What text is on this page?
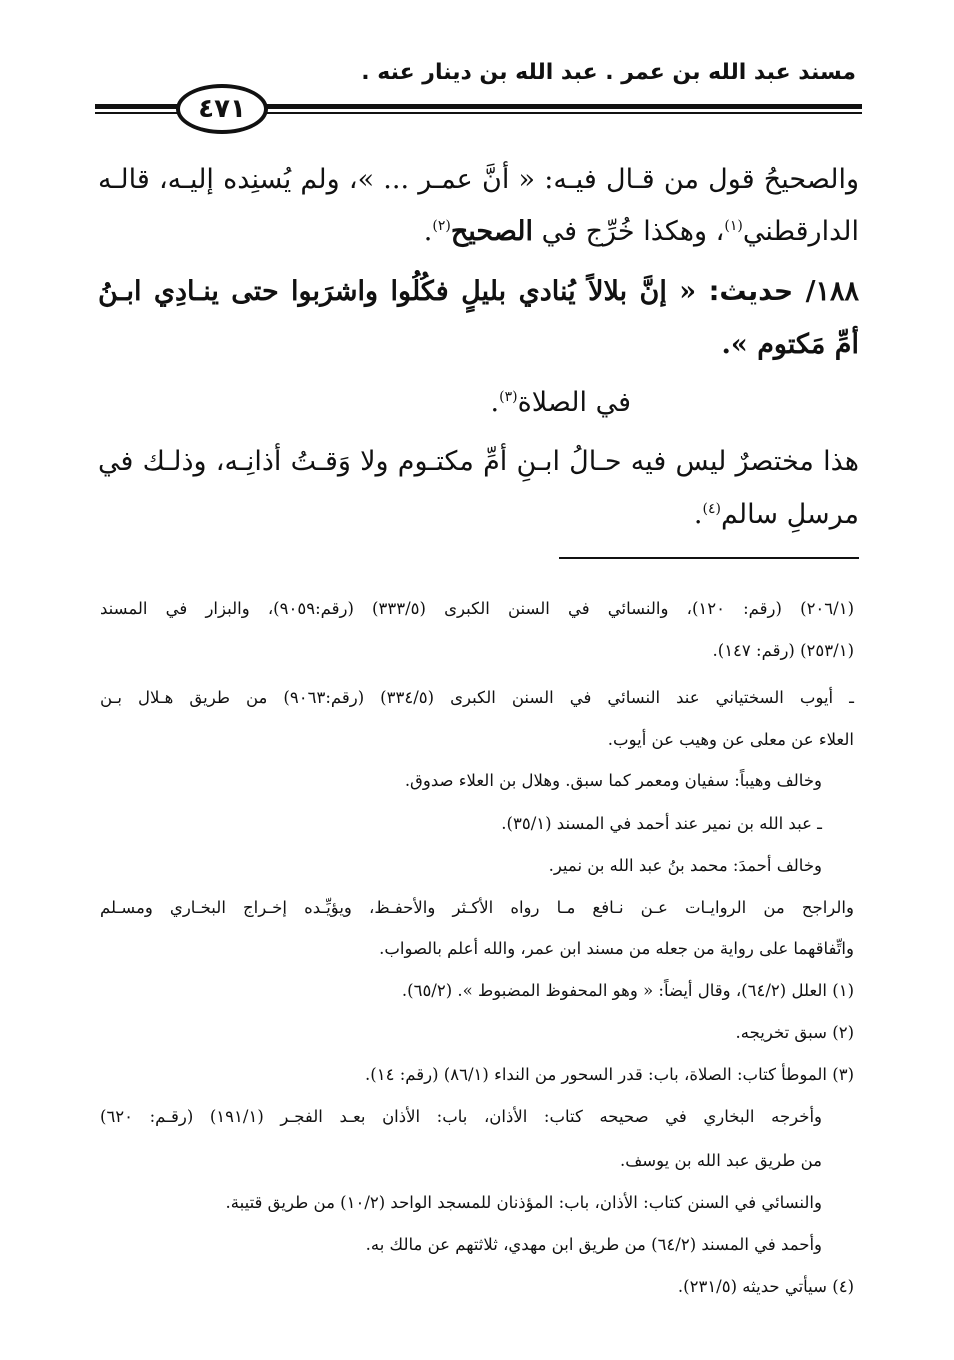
مسند عبد الله بن عمر . عبد الله بن دينار عنه .
٤٧١
والصحيحُ قول من قـال فيـه: « أنَّ عمـر ... »، ولم يُسنِده إليـه، قالـه
الدارقطني$^{(١)}$، وهكذا خُرِّج في الصحيح$^{(٢)}$.
١٨٨/ حديث: « إنَّ بلالاً يُنادي بليلٍ فكُلُوا واشرَبوا حتى ينـادِي ابـنُ
أمِّ مَكتوم ».
في الصلاة$^{(٣)}$.
هذا مختصرٌ ليس فيه حـالُ ابـنِ أمِّ مكتـوم ولا وَقـتُ أذانِـه، وذلـك في
مرسلِ سالم$^{(٤)}$.
(٢٠٦/١) (رقم: ١٢٠)، والنسائي في السنن الكبرى (٣٣٣/٥) (رقم:٩٠٥٩)، والبزار في المسند
(٢٥٣/١) (رقم: ١٤٧).
ـ أيوب السختياني عند النسائي في السنن الكبرى (٣٣٤/٥) (رقم:٩٠٦٣) من طريق هـلال بـن
العلاء عن معلى عن وهيب عن أيوب.
وخالف وهيباً: سفيان ومعمر كما سبق. وهلال بن العلاء صدوق.
ـ عبد الله بن نمير عند أحمد في المسند (٣٥/١).
وخالف أحمدَ: محمد بنُ عبد الله بن نمير.
والراجح من الروايـات عـن نـافع مـا رواه الأكـثر والأحفـظ، ويؤيِّـده إخـراج البخـاري ومسـلم
واتِّفاقهما على رواية من جعله من مسند ابن عمر، والله أعلم بالصواب.
(١) العلل (٦٤/٢)، وقال أيضاً: « وهو المحفوظ المضبوط ». (٦٥/٢).
(٢) سبق تخريجه.
(٣) الموطأ كتاب: الصلاة، باب: قدر السحور من النداء (٨٦/١) (رقم: ١٤).
وأخرجه البخاري في صحيحه كتاب: الأذان، باب: الأذان بعـد الفجـر (١٩١/١) (رقـم: ٦٢٠)
من طريق عبد الله بن يوسف.
والنسائي في السنن كتاب: الأذان، باب: المؤذنان للمسجد الواحد (١٠/٢) من طريق قتيبة.
وأحمد في المسند (٦٤/٢) من طريق ابن مهدي، ثلاثتهم عن مالك به.
(٤) سيأتي حديثه (٢٣١/٥).
